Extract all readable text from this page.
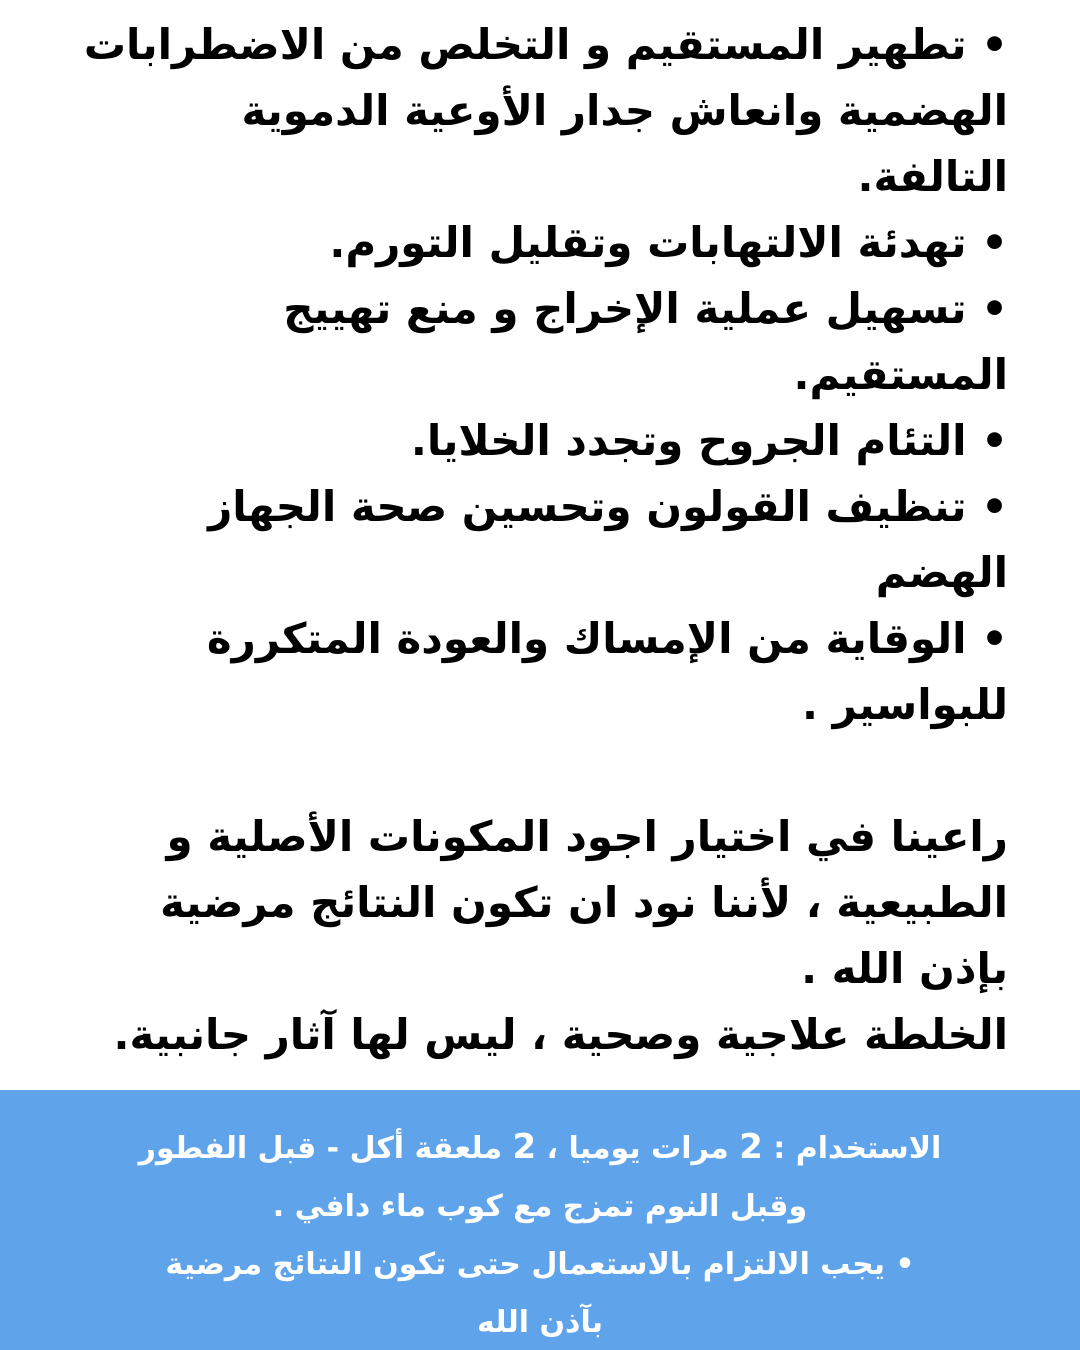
• تطهير المستقيم و التخلص من الاضطرابات
الهضمية وانعاش جدار الأوعية الدموية
التالفة.
• تهدئة الالتهابات وتقليل التورم.
• تسهيل عملية الإخراج و منع تهييج
المستقيم.
• التئام الجروح وتجدد الخلايا.
• تنظيف القولون وتحسين صحة الجهاز
الهضم
• الوقاية من الإمساك والعودة المتكررة
للبواسير .
راعينا في اختيار اجود المكونات الأصلية و
الطبيعية ، لأننا نود ان تكون النتائج مرضية
بإذن الله .
الخلطة علاجية وصحية ، ليس لها آثار جانبية.
الاستخدام : 2 مرات يوميا ، 2 ملعقة أكل - قبل الفطور
وقبل النوم تمزج مع كوب ماء دافي .
• يجب الالتزام بالاستعمال حتى تكون النتائج مرضية
بآذن الله
